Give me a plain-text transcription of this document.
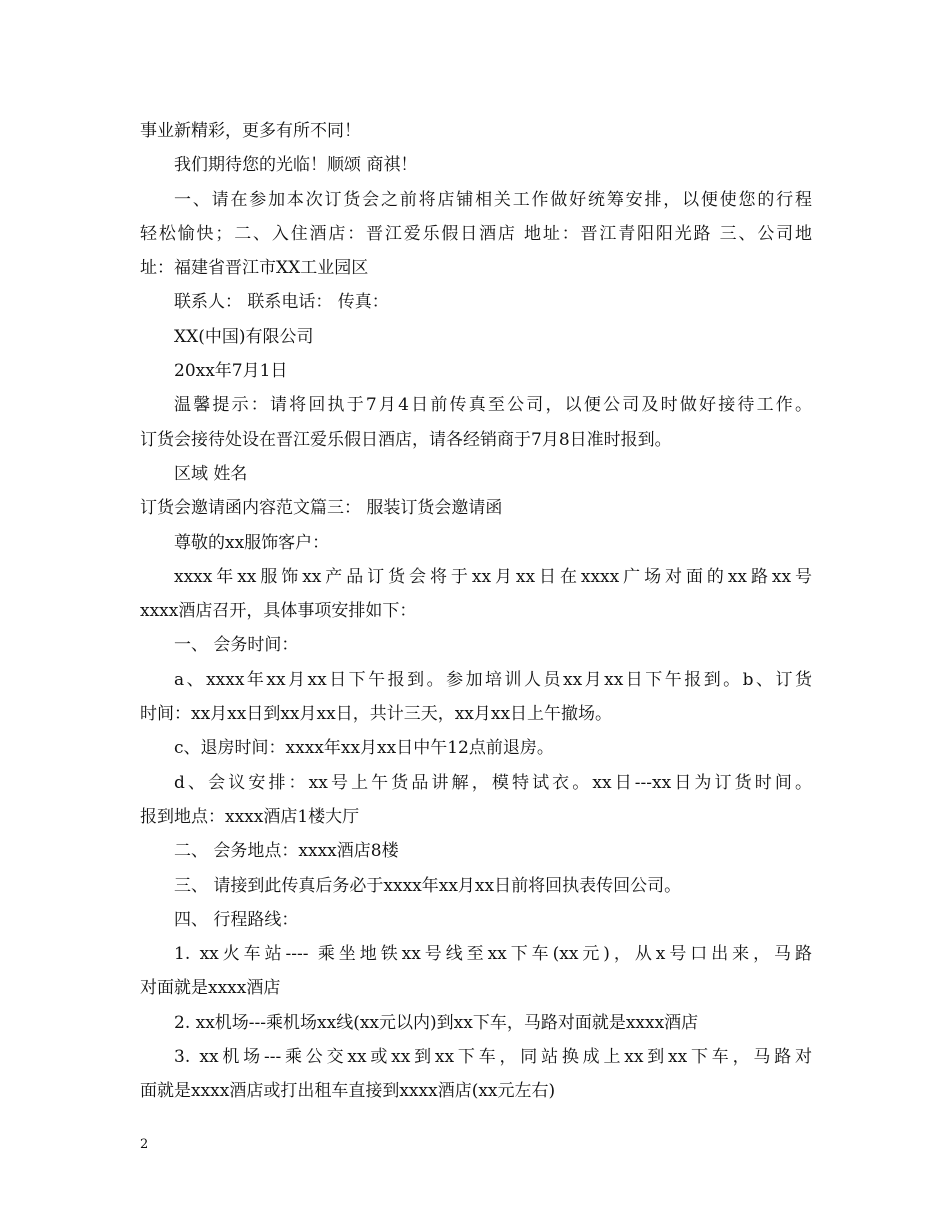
事业新精彩，更多有所不同！
我们期待您的光临！顺颂 商祺！
一、请在参加本次订货会之前将店铺相关工作做好统筹安排，以便使您的行程
轻松愉快；二、入住酒店：晋江爱乐假日酒店 地址：晋江青阳阳光路 三、公司地
址：福建省晋江市XX工业园区
联系人： 联系电话： 传真：
XX(中国)有限公司
20xx年7月1日
温馨提示：请将回执于7月4日前传真至公司，以便公司及时做好接待工作。
订货会接待处设在晋江爱乐假日酒店，请各经销商于7月8日准时报到。
区域 姓名
订货会邀请函内容范文篇三： 服装订货会邀请函
尊敬的xx服饰客户：
xxxx年xx服饰xx产品订货会将于xx月xx日在xxxx广场对面的xx路xx号
xxxx酒店召开，具体事项安排如下：
一、 会务时间：
a、xxxx年xx月xx日下午报到。参加培训人员xx月xx日下午报到。b、订货
时间：xx月xx日到xx月xx日，共计三天，xx月xx日上午撤场。
c、退房时间：xxxx年xx月xx日中午12点前退房。
d、会议安排：xx号上午货品讲解，模特试衣。xx日---xx日为订货时间。
报到地点：xxxx酒店1楼大厅
二、 会务地点：xxxx酒店8楼
三、 请接到此传真后务必于xxxx年xx月xx日前将回执表传回公司。
四、 行程路线：
1. xx火车站---- 乘坐地铁xx号线至xx下车(xx元)，从x号口出来，马路
对面就是xxxx酒店
2. xx机场---乘机场xx线(xx元以内)到xx下车，马路对面就是xxxx酒店
3. xx机场---乘公交xx或xx到xx下车，同站换成上xx到xx下车，马路对
面就是xxxx酒店或打出租车直接到xxxx酒店(xx元左右)
2
